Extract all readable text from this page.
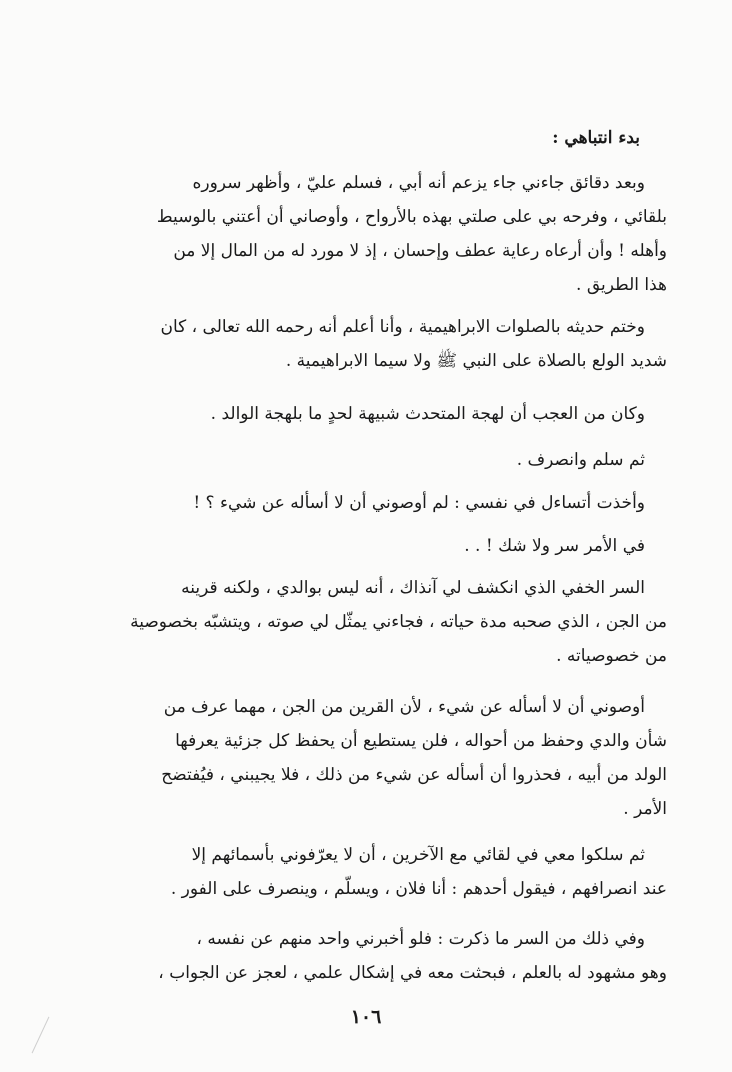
بدء انتباهي :
وبعد دقائق جاءني جاء يزعم أنه أبي ، فسلم عليّ ، وأظهر سروره
بلقائي ، وفرحه بي على صلتي بهذه بالأرواح ، وأوصاني أن أعتني بالوسيط
وأهله ! وأن أرعاه رعاية عطف وإحسان ، إذ لا مورد له من المال إلا من
هذا الطريق .
وختم حديثه بالصلوات الابراهيمية ، وأنا أعلم أنه رحمه الله تعالى ، كان
شديد الولع بالصلاة على النبي ﷺ ولا سيما الابراهيمية .
وكان من العجب أن لهجة المتحدث شبيهة لحدٍ ما بلهجة الوالد .
ثم سلم وانصرف .
وأخذت أتساءل في نفسي : لم أوصوني أن لا أسأله عن شيء ؟ !
في الأمر سر ولا شك ! . .
السر الخفي الذي انكشف لي آنذاك ، أنه ليس بوالدي ، ولكنه قرينه
من الجن ، الذي صحبه مدة حياته ، فجاءني يمثّل لي صوته ، ويتشبّه بخصوصية
من خصوصياته .
أوصوني أن لا أسأله عن شيء ، لأن القرين من الجن ، مهما عرف من
شأن والدي وحفظ من أحواله ، فلن يستطيع أن يحفظ كل جزئية يعرفها
الولد من أبيه ، فحذروا أن أسأله عن شيء من ذلك ، فلا يجيبني ، فيُفتضح
الأمر .
ثم سلكوا معي في لقائي مع الآخرين ، أن لا يعرّفوني بأسمائهم إلا
عند انصرافهم ، فيقول أحدهم : أنا فلان ، ويسلّم ، وينصرف على الفور .
وفي ذلك من السر ما ذكرت : فلو أخبرني واحد منهم عن نفسه ،
وهو مشهود له بالعلم ، فبحثت معه في إشكال علمي ، لعجز عن الجواب ،
١٠٦
